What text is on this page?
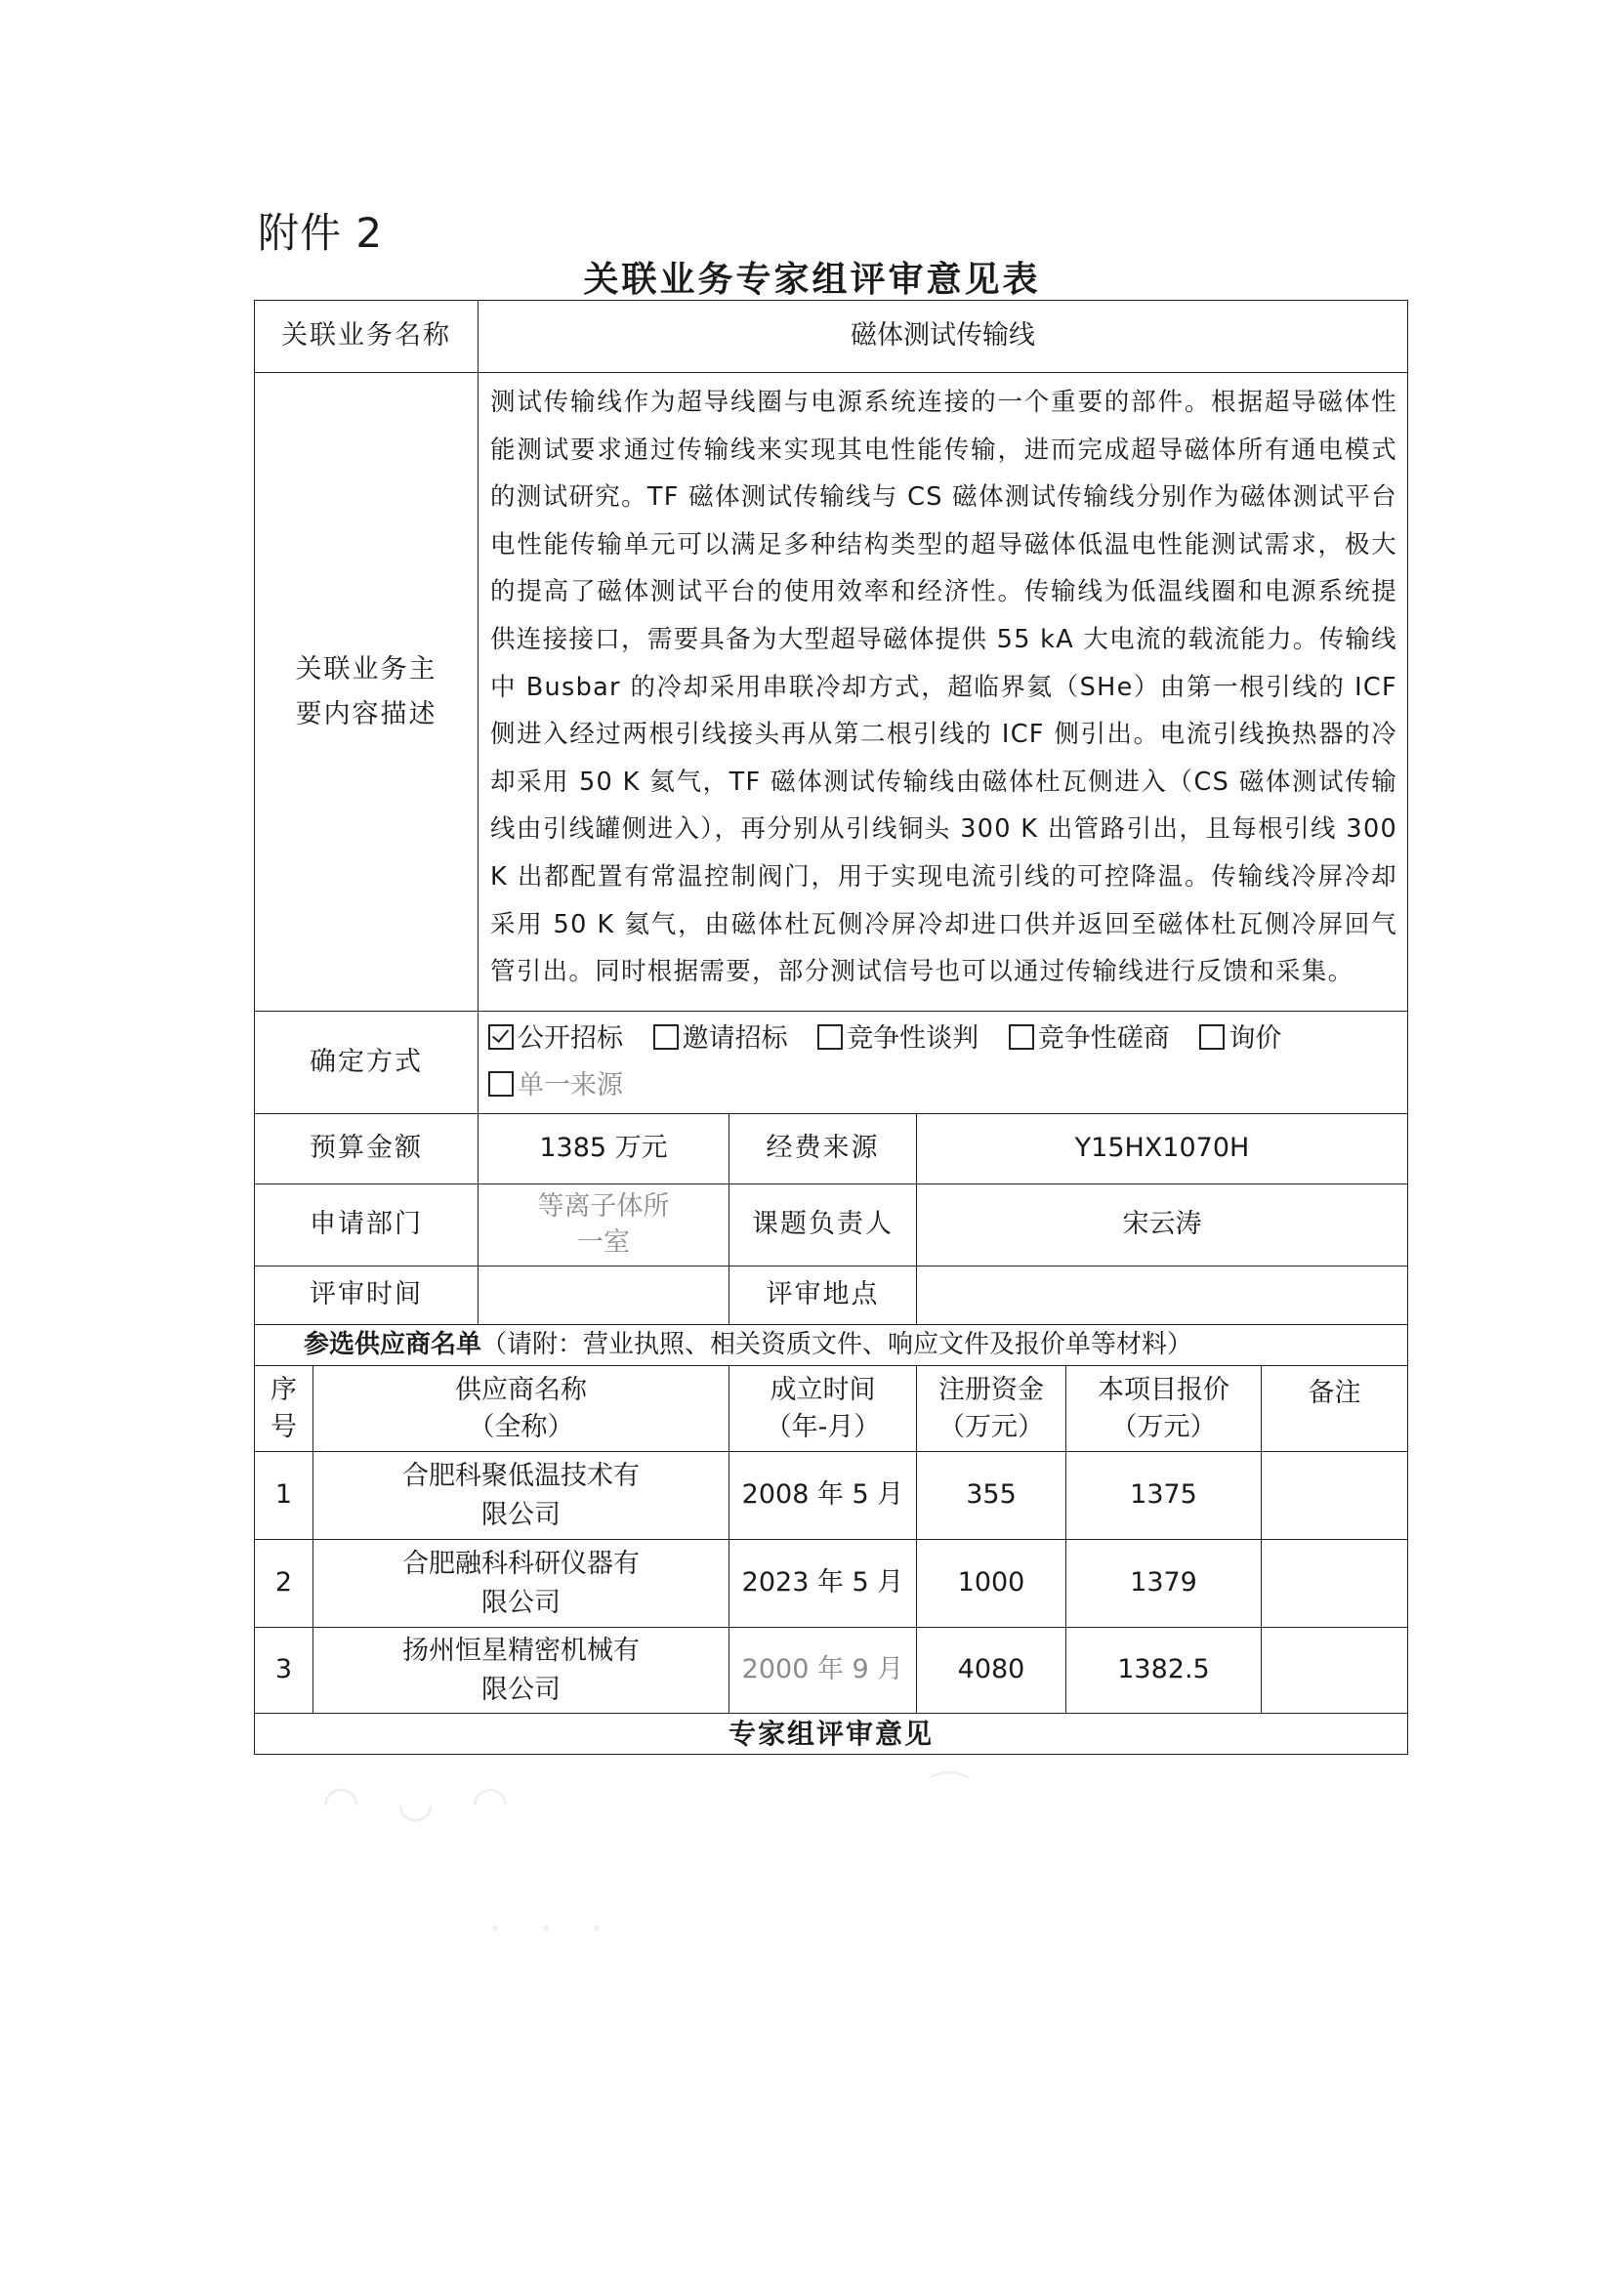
附件 2
关联业务专家组评审意见表
关联业务名称		磁体测试传输线				

关联业务主要内容描述		测试传输线作为超导线圈与电源系统连接的一个重要的部件。根据超导磁体性能测试要求通过传输线来实现其电性能传输，进而完成超导磁体所有通电模式的测试研究。TF 磁体测试传输线与 CS 磁体测试传输线分别作为磁体测试平台电性能传输单元可以满足多种结构类型的超导磁体低温电性能测试需求，极大的提高了磁体测试平台的使用效率和经济性。传输线为低温线圈和电源系统提供连接接口，需要具备为大型超导磁体提供 55 kA 大电流的载流能力。传输线中 Busbar 的冷却采用串联冷却方式，超临界氦（SHe）由第一根引线的 ICF 侧进入经过两根引线接头再从第二根引线的 ICF 侧引出。电流引线换热器的冷却采用 50 K 氦气，TF 磁体测试传输线由磁体杜瓦侧进入（CS 磁体测试传输线由引线罐侧进入），再分别从引线铜头 300 K 出管路引出，且每根引线 300 K 出都配置有常温控制阀门，用于实现电流引线的可控降温。传输线冷屏冷却采用 50 K 氦气，由磁体杜瓦侧冷屏冷却进口供并返回至磁体杜瓦侧冷屏回气管引出。同时根据需要，部分测试信号也可以通过传输线进行反馈和采集。				
确定方式		公开招标 邀请招标 竞争性谈判 竞争性磋商 询价 单一来源				
预算金额		1385 万元	经费来源	Y15HX1070H		
申请部门		等离子体所一室	课题负责人	宋云涛		
评审时间			评审地点			
参选供应商名单（请附：营业执照、相关资质文件、响应文件及报价单等材料）						

序号	供应商名称（全称）		成立时间（年-月）	注册资金（万元）	本项目报价（万元）	备注
1	合肥科聚低温技术有限公司		2008 年 5 月	355	1375	
2	合肥融科科研仪器有限公司		2023 年 5 月	1000	1379	
3	扬州恒星精密机械有限公司		2000 年 9 月	4080	1382.5	
专家组评审意见						
◠ ◡ ◠	⌒
· · ·
